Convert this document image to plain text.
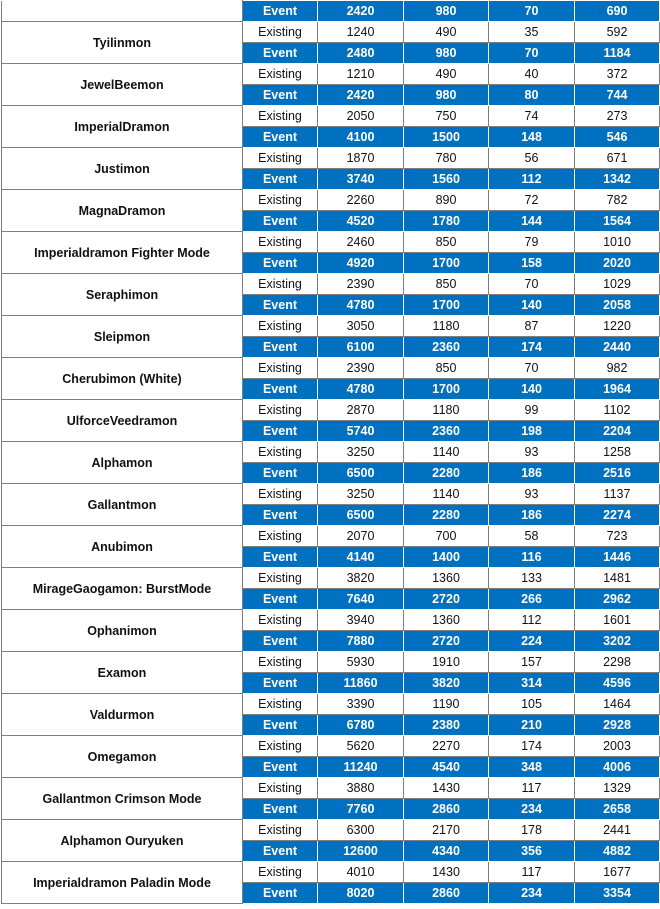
	Event	2420	980	70	690
Tyilinmon	Existing	1240	490	35	592
	Event	2480	980	70	1184
JewelBeemon	Existing	1210	490	40	372
	Event	2420	980	80	744
ImperialDramon	Existing	2050	750	74	273
	Event	4100	1500	148	546
Justimon	Existing	1870	780	56	671
	Event	3740	1560	112	1342
MagnaDramon	Existing	2260	890	72	782
	Event	4520	1780	144	1564
Imperialdramon Fighter Mode	Existing	2460	850	79	1010
	Event	4920	1700	158	2020
Seraphimon	Existing	2390	850	70	1029
	Event	4780	1700	140	2058
Sleipmon	Existing	3050	1180	87	1220
	Event	6100	2360	174	2440
Cherubimon (White)	Existing	2390	850	70	982
	Event	4780	1700	140	1964
UlforceVeedramon	Existing	2870	1180	99	1102
	Event	5740	2360	198	2204
Alphamon	Existing	3250	1140	93	1258
	Event	6500	2280	186	2516
Gallantmon	Existing	3250	1140	93	1137
	Event	6500	2280	186	2274
Anubimon	Existing	2070	700	58	723
	Event	4140	1400	116	1446
MirageGaogamon: BurstMode	Existing	3820	1360	133	1481
	Event	7640	2720	266	2962
Ophanimon	Existing	3940	1360	112	1601
	Event	7880	2720	224	3202
Examon	Existing	5930	1910	157	2298
	Event	11860	3820	314	4596
Valdurmon	Existing	3390	1190	105	1464
	Event	6780	2380	210	2928
Omegamon	Existing	5620	2270	174	2003
	Event	11240	4540	348	4006
Gallantmon Crimson Mode	Existing	3880	1430	117	1329
	Event	7760	2860	234	2658
Alphamon Ouryuken	Existing	6300	2170	178	2441
	Event	12600	4340	356	4882
Imperialdramon Paladin Mode	Existing	4010	1430	117	1677
	Event	8020	2860	234	3354
